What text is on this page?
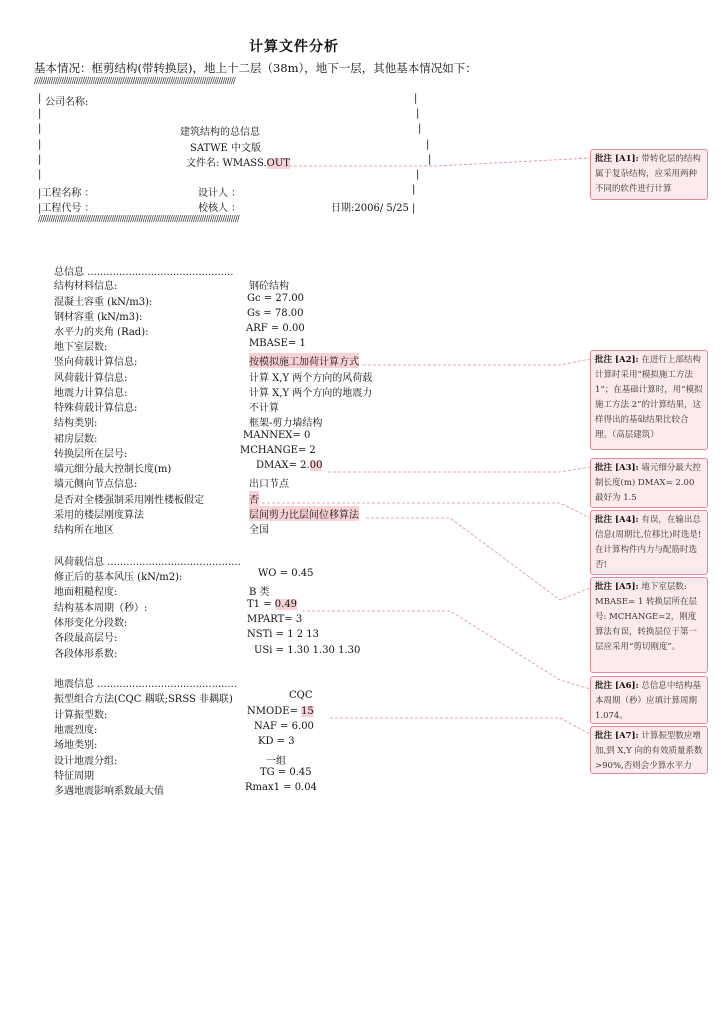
计算文件分析
基本情况：框剪结构(带转换层)，地上十二层（38m），地下一层，其他基本情况如下：
////////////////////////////////////////////////////////////////////////////////////////////////
| 公司名称:	|
|	|
|	建筑结构的总信息	|
|	SATWE 中文版	|
|	文件名: WMASS.OUT	|
|	|
|工程名称 ：	设计人 ：	|
|工程代号 ：	校核人 ：	日期:2006/ 5/25 |
////////////////////////////////////////////////////////////////////////////////////////////////
总信息 ..............................................
结构材料信息:	钢砼结构
混凝土容重 (kN/m3):	Gc = 27.00
钢材容重 (kN/m3):	Gs = 78.00
水平力的夹角 (Rad):	ARF = 0.00
地下室层数:	MBASE= 1
竖向荷载计算信息:	按模拟施工加荷计算方式
风荷载计算信息:	计算 X,Y 两个方向的风荷载
地震力计算信息:	计算 X,Y 两个方向的地震力
特殊荷载计算信息:	不计算
结构类别:	框架-剪力墙结构
裙房层数:	MANNEX= 0
转换层所在层号:	MCHANGE= 2
墙元细分最大控制长度(m)	DMAX= 2.00
墙元侧向节点信息:	出口节点
是否对全楼强制采用刚性楼板假定	否
采用的楼层刚度算法	层间剪力比层间位移算法
结构所在地区	全国
风荷载信息 ..........................................
修正后的基本风压 (kN/m2):	WO = 0.45
地面粗糙程度:	B 类
结构基本周期（秒）:	T1 = 0.49
体形变化分段数:	MPART= 3
各段最高层号:	NSTi = 1 2 13
各段体形系数:	USi = 1.30 1.30 1.30
地震信息 ............................................
振型组合方法(CQC 耦联;SRSS 非耦联)	CQC
计算振型数:	NMODE= 15
地震烈度:	NAF = 6.00
场地类别:	KD = 3
设计地震分组:	一组
特征周期	TG = 0.45
多遇地震影响系数最大值	Rmax1 = 0.04
批注 [A1]: 带转化层的结构属于复杂结构，应采用两种不同的软件进行计算
批注 [A2]: 在进行上部结构计算时采用“模拟施工方法1”；在基础计算时，用“模拟施工方法 2”的计算结果，这样得出的基础结果比较合理。（高层建筑）
批注 [A3]: 墙元细分最大控制长度(m) DMAX= 2.00 最好为 1.5
批注 [A4]: 有误，在输出总信息(周期比,位移比)时选是!在计算构件内力与配筋时选否!
批注 [A5]: 地下室层数: MBASE= 1 转换层所在层号: MCHANGE=2，刚度算法有误，转换层位于第一层应采用“剪切刚度”。
批注 [A6]: 总信息中结构基本周期（秒）应填计算周期 1.074。
批注 [A7]: 计算振型数应增加,到 X,Y 向的有效质量系数>90%,否则会少算水平力
